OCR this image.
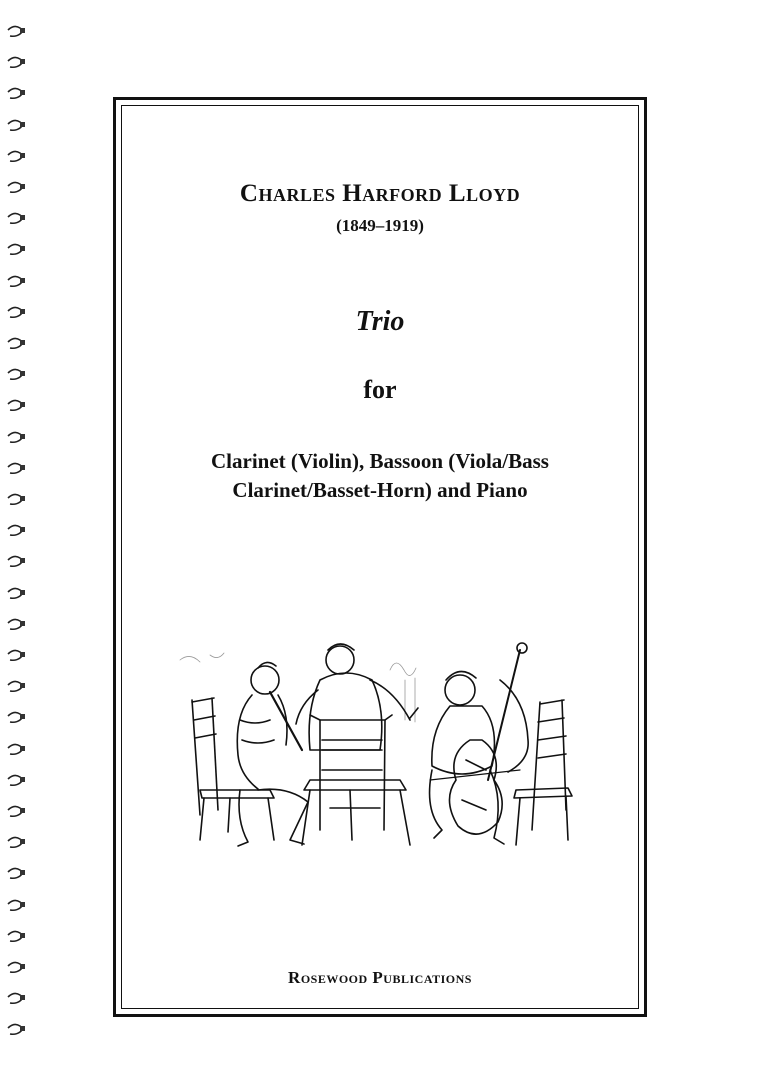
Charles Harford Lloyd
(1849–1919)
Trio
for
Clarinet (Violin), Bassoon (Viola/Bass
Clarinet/Basset-Horn) and Piano
Rosewood Publications
